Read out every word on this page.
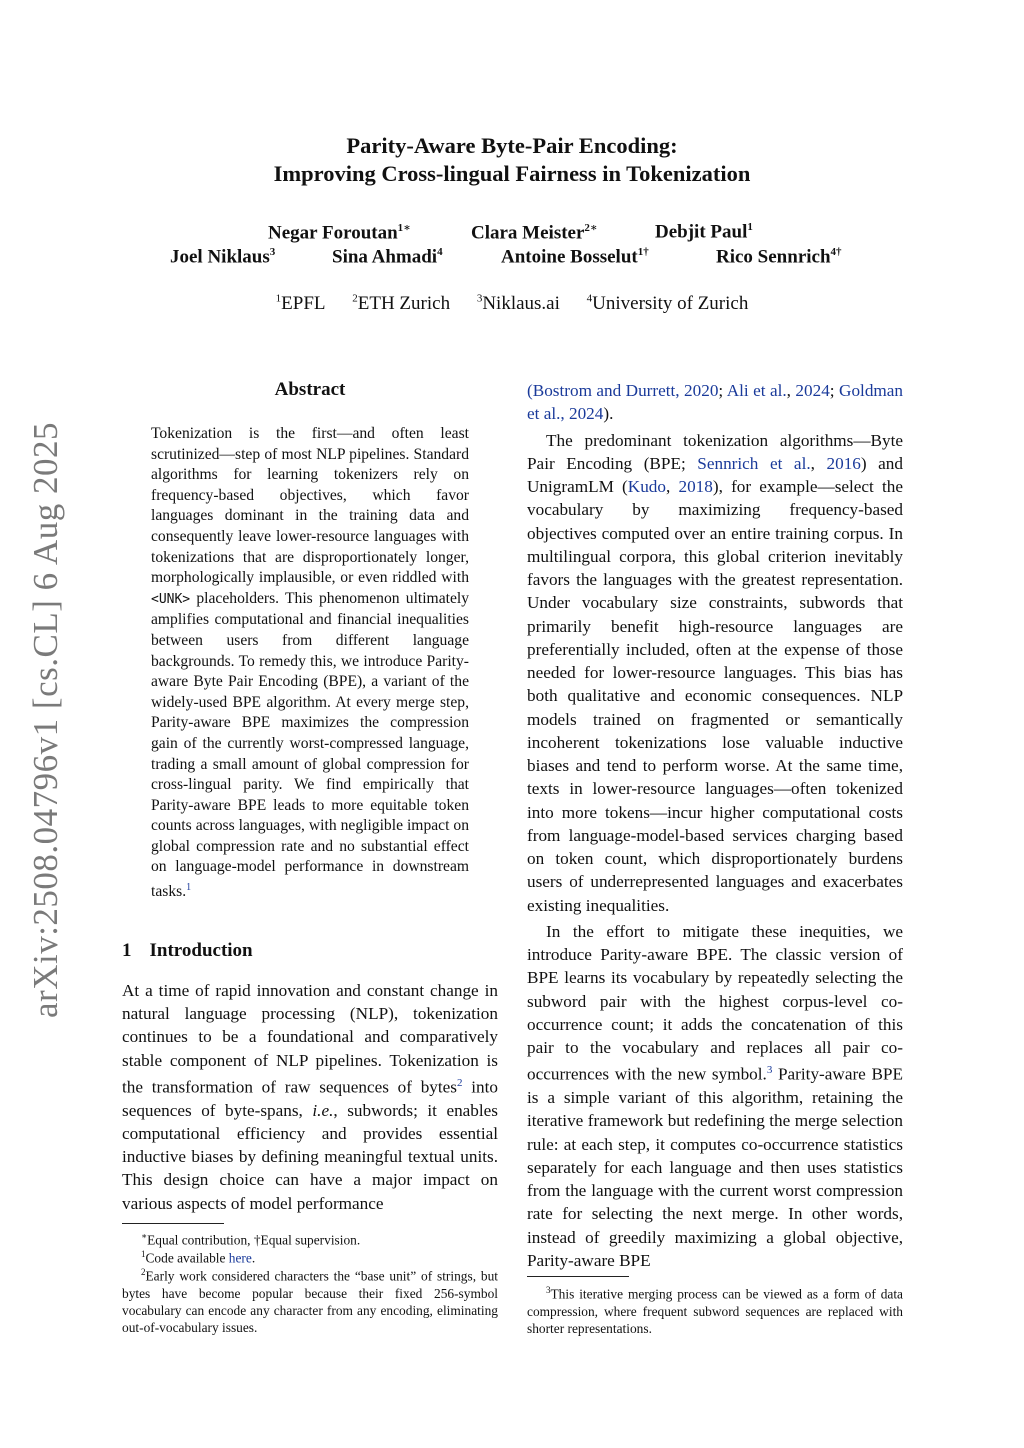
arXiv:2508.04796v1 [cs.CL] 6 Aug 2025
Parity-Aware Byte-Pair Encoding:
Improving Cross-lingual Fairness in Tokenization
Negar Foroutan$^{1∗}$	Clara Meister$^{2∗}$	Debjit Paul$^1$
Joel Niklaus$^3$	Sina Ahmadi$^4$	Antoine Bosselut$^{1\dagger}$	Rico Sennrich$^{4\dagger}$
$^1$EPFL $^2$ETH Zurich $^3$Niklaus.ai $^4$University of Zurich
Abstract
Tokenization is the first—and often least scrutinized—step of most NLP pipelines. Standard algorithms for learning tokenizers rely on frequency-based objectives, which favor languages dominant in the training data and consequently leave lower-resource languages with tokenizations that are disproportionately longer, morphologically implausible, or even riddled with <UNK> placeholders. This phenomenon ultimately amplifies computational and financial inequalities between users from different language backgrounds. To remedy this, we introduce Parity-aware Byte Pair Encoding (BPE), a variant of the widely-used BPE algorithm. At every merge step, Parity-aware BPE maximizes the compression gain of the currently worst-compressed language, trading a small amount of global compression for cross-lingual parity. We find empirically that Parity-aware BPE leads to more equitable token counts across languages, with negligible impact on global compression rate and no substantial effect on language-model performance in downstream tasks.$^1$
1 Introduction
At a time of rapid innovation and constant change in natural language processing (NLP), tokenization continues to be a foundational and comparatively stable component of NLP pipelines. Tokenization is the transformation of raw sequences of bytes$^2$ into sequences of byte-spans, i.e., subwords; it enables computational efficiency and provides essential inductive biases by defining meaningful textual units. This design choice can have a major impact on various aspects of model performance
∗Equal contribution, †Equal supervision.
$^1$Code available here.
$^2$Early work considered characters the “base unit” of strings, but bytes have become popular because their fixed 256-symbol vocabulary can encode any character from any encoding, eliminating out-of-vocabulary issues.

(Bostrom and Durrett, 2020; Ali et al., 2024; Goldman et al., 2024).

The predominant tokenization algorithms—Byte Pair Encoding (BPE; Sennrich et al., 2016) and UnigramLM (Kudo, 2018), for example—select the vocabulary by maximizing frequency-based objectives computed over an entire training corpus. In multilingual corpora, this global criterion inevitably favors the languages with the greatest representation. Under vocabulary size constraints, subwords that primarily benefit high-resource languages are preferentially included, often at the expense of those needed for lower-resource languages. This bias has both qualitative and economic consequences. NLP models trained on fragmented or semantically incoherent tokenizations lose valuable inductive biases and tend to perform worse. At the same time, texts in lower-resource languages—often tokenized into more tokens—incur higher computational costs from language-model-based services charging based on token count, which disproportionately burdens users of underrepresented languages and exacerbates existing inequalities.

In the effort to mitigate these inequities, we introduce Parity-aware BPE. The classic version of BPE learns its vocabulary by repeatedly selecting the subword pair with the highest corpus-level co-occurrence count; it adds the concatenation of this pair to the vocabulary and replaces all pair co-occurrences with the new symbol.$^3$ Parity-aware BPE is a simple variant of this algorithm, retaining the iterative framework but redefining the merge selection rule: at each step, it computes co-occurrence statistics separately for each language and then uses statistics from the language with the current worst compression rate for selecting the next merge. In other words, instead of greedily maximizing a global objective, Parity-aware BPE

$^3$This iterative merging process can be viewed as a form of data compression, where frequent subword sequences are replaced with shorter representations.
